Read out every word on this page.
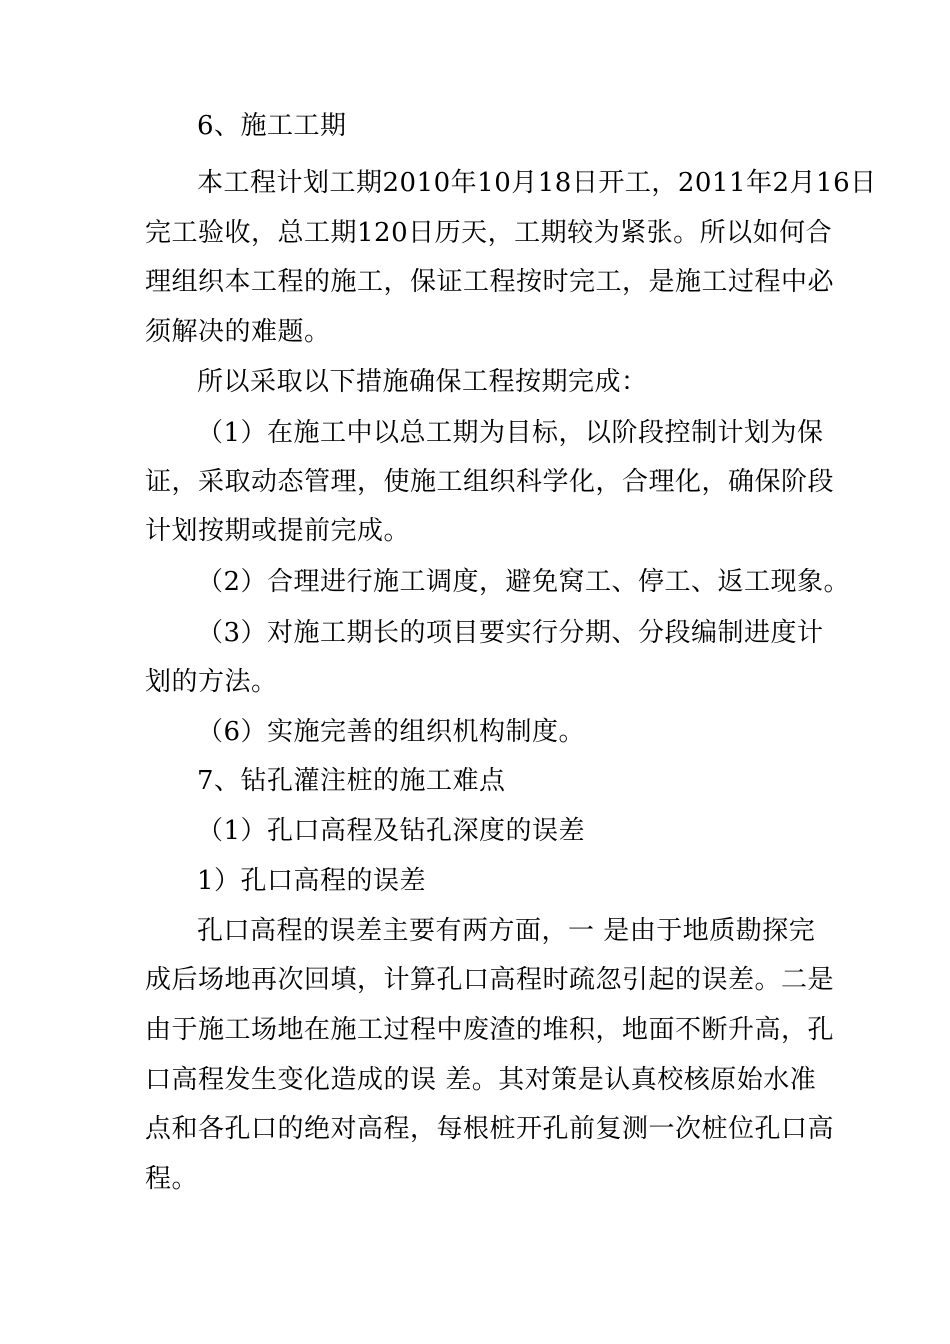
6、施工工期
本工程计划工期2010年10月18日开工，2011年2月16日
完工验收，总工期120日历天，工期较为紧张。所以如何合
理组织本工程的施工，保证工程按时完工，是施工过程中必
须解决的难题。
所以采取以下措施确保工程按期完成：
（1）在施工中以总工期为目标，以阶段控制计划为保
证，采取动态管理，使施工组织科学化，合理化，确保阶段
计划按期或提前完成。
（2）合理进行施工调度，避免窝工、停工、返工现象。
（3）对施工期长的项目要实行分期、分段编制进度计
划的方法。
（6）实施完善的组织机构制度。
7、钻孔灌注桩的施工难点
（1）孔口高程及钻孔深度的误差
1）孔口高程的误差
孔口高程的误差主要有两方面，一 是由于地质勘探完
成后场地再次回填，计算孔口高程时疏忽引起的误差。二是
由于施工场地在施工过程中废渣的堆积，地面不断升高，孔
口高程发生变化造成的误 差。其对策是认真校核原始水准
点和各孔口的绝对高程，每根桩开孔前复测一次桩位孔口高
程。
